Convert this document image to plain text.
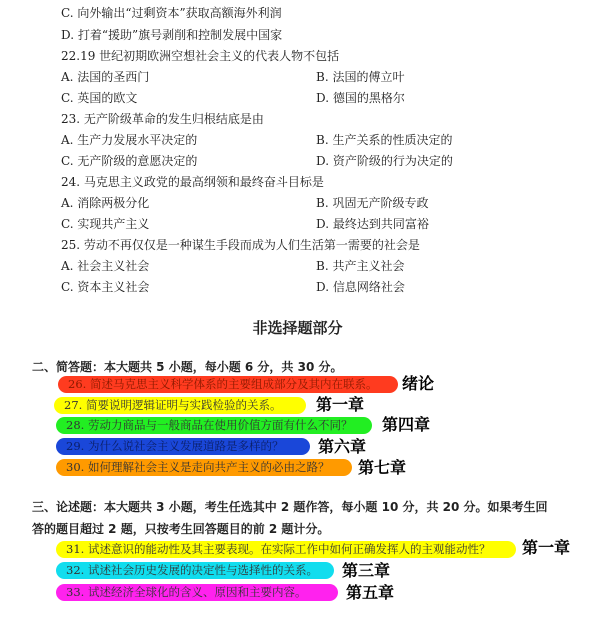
C. 向外输出“过剩资本”获取高额海外利润
D. 打着“援助”旗号剥削和控制发展中国家
22.19 世纪初期欧洲空想社会主义的代表人物不包括
A. 法国的圣西门	B. 法国的傅立叶
C. 英国的欧文	D. 德国的黑格尔
23. 无产阶级革命的发生归根结底是由
A. 生产力发展水平决定的	B. 生产关系的性质决定的
C. 无产阶级的意愿决定的	D. 资产阶级的行为决定的
24. 马克思主义政党的最高纲领和最终奋斗目标是
A. 消除两极分化	B. 巩固无产阶级专政
C. 实现共产主义	D. 最终达到共同富裕
25. 劳动不再仅仅是一种谋生手段而成为人们生活第一需要的社会是
A. 社会主义社会	B. 共产主义社会
C. 资本主义社会	D. 信息网络社会
非选择题部分
二、简答题：本大题共 5 小题，每小题 6 分，共 30 分。
26. 简述马克思主义科学体系的主要组成部分及其内在联系。	绪论
27. 简要说明逻辑证明与实践检验的关系。	第一章
28. 劳动力商品与一般商品在使用价值方面有什么不同？	第四章
29. 为什么说社会主义发展道路是多样的？	第六章
30. 如何理解社会主义是走向共产主义的必由之路？	第七章
三、论述题：本大题共 3 小题，考生任选其中 2 题作答，每小题 10 分，共 20 分。如果考生回
答的题目超过 2 题，只按考生回答题目的前 2 题计分。
31. 试述意识的能动性及其主要表现。在实际工作中如何正确发挥人的主观能动性？	第一章
32. 试述社会历史发展的决定性与选择性的关系。	第三章
33. 试述经济全球化的含义、原因和主要内容。	第五章
